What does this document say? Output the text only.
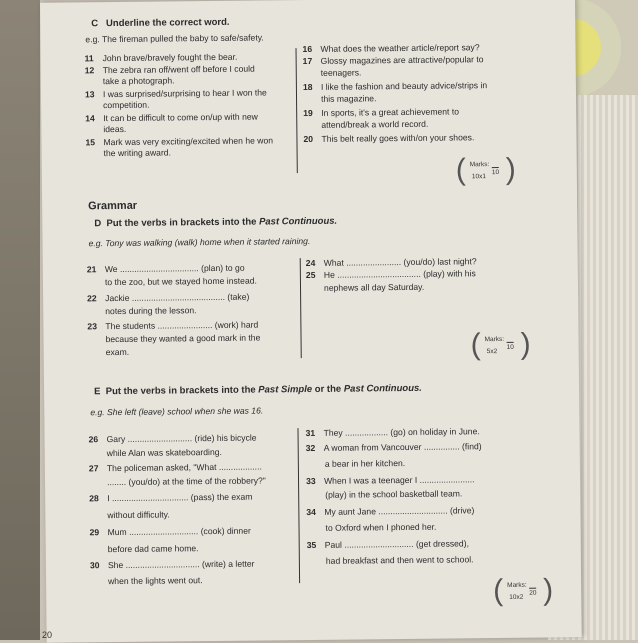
C Underline the correct word.
e.g. The fireman pulled the baby to safe/safety.
11 John brave/bravely fought the bear.
12 The zebra ran off/went off before I could
take a photograph.
13 I was surprised/surprising to hear I won the
competition.
14 It can be difficult to come on/up with new
ideas.
15 Mark was very exciting/excited when he won
the writing award.
16 What does the weather article/report say?
17 Glossy magazines are attractive/popular to
teenagers.
18 I like the fashion and beauty advice/strips in
this magazine.
19 In sports, it's a great achievement to
attend/break a world record.
20 This belt really goes with/on your shoes.
( )
Marks:
10x1
10
Grammar
D Put the verbs in brackets into the Past Continuous.
e.g. Tony was walking (walk) home when it started raining.
21 We ................................. (plan) to go
to the zoo, but we stayed home instead.
22 Jackie ....................................... (take)
notes during the lesson.
23 The students ....................... (work) hard
because they wanted a good mark in the
exam.
24 What ....................... (you/do) last night?
25 He ................................... (play) with his
nephews all day Saturday.
( )
Marks:
5x2
10
E Put the verbs in brackets into the Past Simple or the Past Continuous.
e.g. She left (leave) school when she was 16.
26 Gary ........................... (ride) his bicycle
while Alan was skateboarding.
27 The policeman asked, "What ..................
........ (you/do) at the time of the robbery?"
28 I ................................ (pass) the exam
without difficulty.
29 Mum ............................. (cook) dinner
before dad came home.
30 She ............................... (write) a letter
when the lights went out.
31 They .................. (go) on holiday in June.
32 A woman from Vancouver ............... (find)
a bear in her kitchen.
33 When I was a teenager I .......................
(play) in the school basketball team.
34 My aunt Jane ............................. (drive)
to Oxford when I phoned her.
35 Paul ............................. (get dressed),
had breakfast and then went to school.
( )
Marks:
10x2
20
20
